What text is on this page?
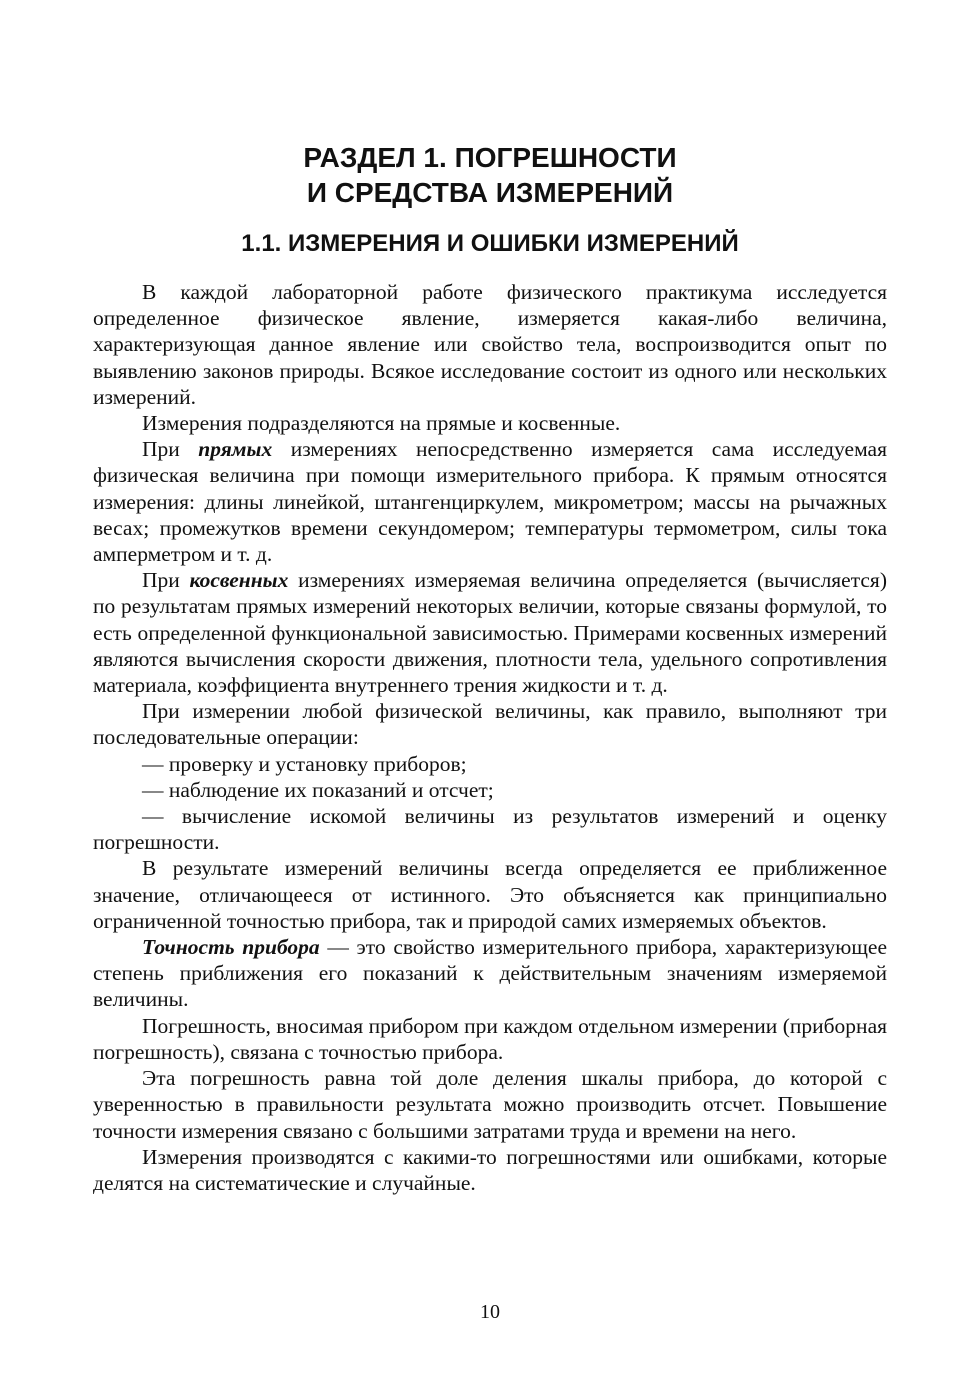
РАЗДЕЛ 1. ПОГРЕШНОСТИ
И СРЕДСТВА ИЗМЕРЕНИЙ
1.1. ИЗМЕРЕНИЯ И ОШИБКИ ИЗМЕРЕНИЙ

В каждой лабораторной работе физического практикума исследуется определенное физическое явление, измеряется какая-либо величина, характеризующая данное явление или свойство тела, воспроизводится опыт по выявлению законов природы. Всякое исследование состоит из одного или нескольких измерений.

Измерения подразделяются на прямые и косвенные.

При прямых измерениях непосредственно измеряется сама исследуемая физическая величина при помощи измерительного прибора. К прямым относятся измерения: длины линейкой, штангенциркулем, микрометром; массы на рычажных весах; промежутков времени секундомером; температуры термометром, силы тока амперметром и т. д.

При косвенных измерениях измеряемая величина определяется (вычисляется) по результатам прямых измерений некоторых величии, которые связаны формулой, то есть определенной функциональной зависимостью. Примерами косвенных измерений являются вычисления скорости движения, плотности тела, удельного сопротивления материала, коэффициента внутреннего трения жидкости и т. д.

При измерении любой физической величины, как правило, выполняют три последовательные операции:

— проверку и установку приборов;

— наблюдение их показаний и отсчет;

— вычисление искомой величины из результатов измерений и оценку погрешности.

В результате измерений величины всегда определяется ее приближенное значение, отличающееся от истинного. Это объясняется как принципиально ограниченной точностью прибора, так и природой самих измеряемых объектов.

Точность прибора — это свойство измерительного прибора, характеризующее степень приближения его показаний к действительным значениям измеряемой величины.

Погрешность, вносимая прибором при каждом отдельном измерении (приборная погрешность), связана с точностью прибора.

Эта погрешность равна той доле деления шкалы прибора, до которой с уверенностью в правильности результата можно производить отсчет. Повышение точности измерения связано с большими затратами труда и времени на него.

Измерения производятся с какими-то погрешностями или ошибками, которые делятся на систематические и случайные.

10
